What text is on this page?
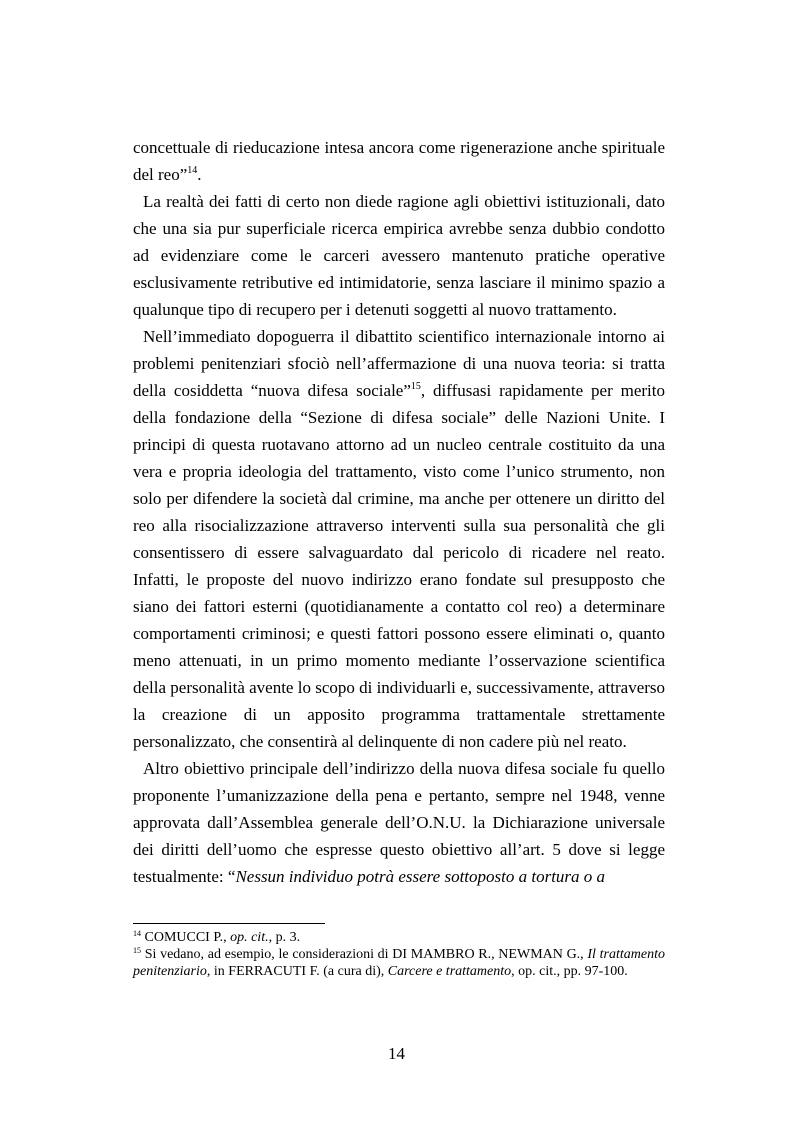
concettuale di rieducazione intesa ancora come rigenerazione anche spirituale del reo”$^{14}$.

La realtà dei fatti di certo non diede ragione agli obiettivi istituzionali, dato che una sia pur superficiale ricerca empirica avrebbe senza dubbio condotto ad evidenziare come le carceri avessero mantenuto pratiche operative esclusivamente retributive ed intimidatorie, senza lasciare il minimo spazio a qualunque tipo di recupero per i detenuti soggetti al nuovo trattamento.

Nell’immediato dopoguerra il dibattito scientifico internazionale intorno ai problemi penitenziari sfociò nell’affermazione di una nuova teoria: si tratta della cosiddetta “nuova difesa sociale”$^{15}$, diffusasi rapidamente per merito della fondazione della “Sezione di difesa sociale” delle Nazioni Unite. I principi di questa ruotavano attorno ad un nucleo centrale costituito da una vera e propria ideologia del trattamento, visto come l’unico strumento, non solo per difendere la società dal crimine, ma anche per ottenere un diritto del reo alla risocializzazione attraverso interventi sulla sua personalità che gli consentissero di essere salvaguardato dal pericolo di ricadere nel reato. Infatti, le proposte del nuovo indirizzo erano fondate sul presupposto che siano dei fattori esterni (quotidianamente a contatto col reo) a determinare comportamenti criminosi; e questi fattori possono essere eliminati o, quanto meno attenuati, in un primo momento mediante l’osservazione scientifica della personalità avente lo scopo di individuarli e, successivamente, attraverso la creazione di un apposito programma trattamentale strettamente personalizzato, che consentirà al delinquente di non cadere più nel reato.

Altro obiettivo principale dell’indirizzo della nuova difesa sociale fu quello proponente l’umanizzazione della pena e pertanto, sempre nel 1948, venne approvata dall’Assemblea generale dell’O.N.U. la Dichiarazione universale dei diritti dell’uomo che espresse questo obiettivo all’art. 5 dove si legge testualmente: “Nessun individuo potrà essere sottoposto a tortura o a

$^{14}$ COMUCCI P., op. cit., p. 3.

$^{15}$ Si vedano, ad esempio, le considerazioni di DI MAMBRO R., NEWMAN G., Il trattamento penitenziario, in FERRACUTI F. (a cura di), Carcere e trattamento, op. cit., pp. 97-100.

14
